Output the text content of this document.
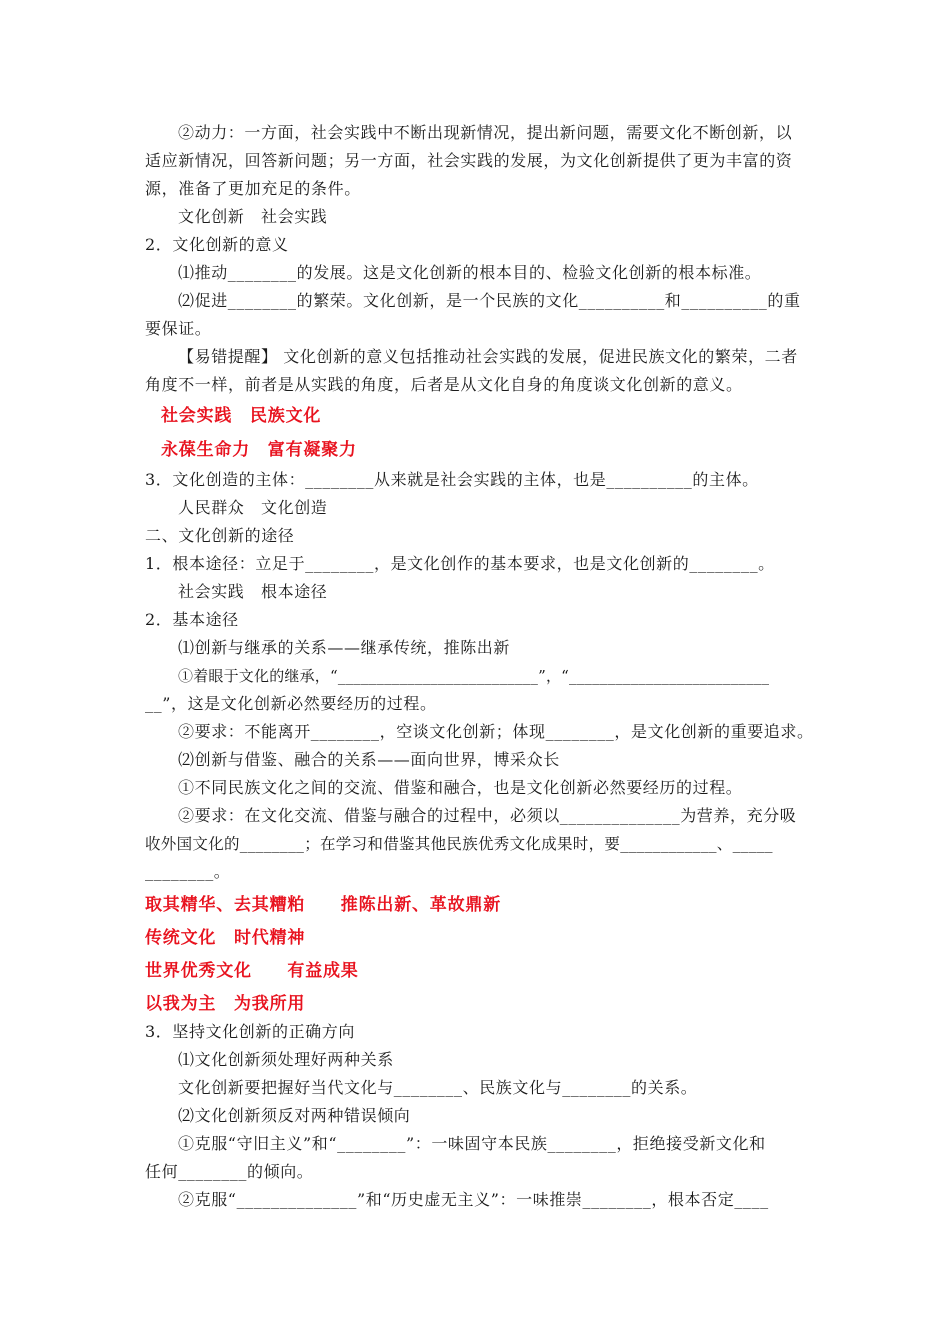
②动力：一方面，社会实践中不断出现新情况，提出新问题，需要文化不断创新，以
适应新情况，回答新问题；另一方面，社会实践的发展，为文化创新提供了更为丰富的资
源，准备了更加充足的条件。
文化创新　社会实践
2．文化创新的意义
⑴推动________的发展。这是文化创新的根本目的、检验文化创新的根本标准。
⑵促进________的繁荣。文化创新，是一个民族的文化__________和__________的重
要保证。
【易错提醒】 文化创新的意义包括推动社会实践的发展，促进民族文化的繁荣，二者
角度不一样，前者是从实践的角度，后者是从文化自身的角度谈文化创新的意义。
社会实践　民族文化
永葆生命力　富有凝聚力
3．文化创造的主体：________从来就是社会实践的主体，也是__________的主体。
人民群众　文化创造
二、文化创新的途径
1．根本途径：立足于________，是文化创作的基本要求，也是文化创新的________。
社会实践　根本途径
2．基本途径
⑴创新与继承的关系——继承传统，推陈出新
①着眼于文化的继承，“__________________________”，“__________________________
__”，这是文化创新必然要经历的过程。
②要求：不能离开________，空谈文化创新；体现________，是文化创新的重要追求。
⑵创新与借鉴、融合的关系——面向世界，博采众长
①不同民族文化之间的交流、借鉴和融合，也是文化创新必然要经历的过程。
②要求：在文化交流、借鉴与融合的过程中，必须以______________为营养，充分吸
收外国文化的________；在学习和借鉴其他民族优秀文化成果时，要____________、_____
________。
取其精华、去其糟粕　　推陈出新、革故鼎新
传统文化　时代精神
世界优秀文化　　有益成果
以我为主　为我所用
3．坚持文化创新的正确方向
⑴文化创新须处理好两种关系
文化创新要把握好当代文化与________、民族文化与________的关系。
⑵文化创新须反对两种错误倾向
①克服“守旧主义”和“________”：一味固守本民族________，拒绝接受新文化和
任何________的倾向。
②克服“______________”和“历史虚无主义”：一味推崇________，根本否定____
